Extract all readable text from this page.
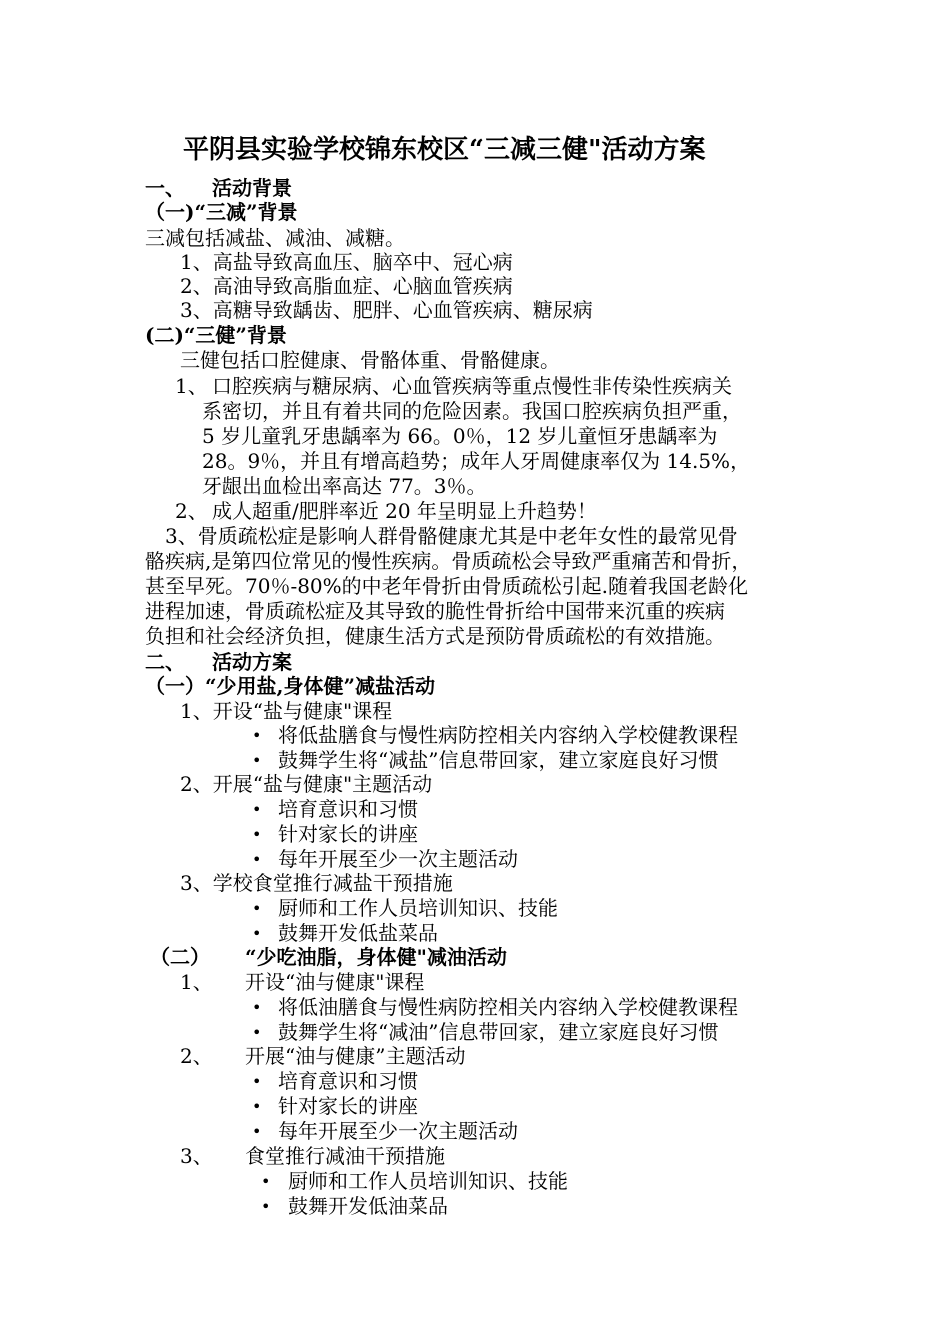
平阴县实验学校锦东校区“三减三健"活动方案
一、 活动背景
（一)“三减”背景
三减包括减盐、减油、减糖。
1、高盐导致高血压、脑卒中、冠心病
2、高油导致高脂血症、心脑血管疾病
3、高糖导致龋齿、肥胖、心血管疾病、糖尿病
(二)“三健”背景
三健包括口腔健康、骨骼体重、骨骼健康。
1、 口腔疾病与糖尿病、心血管疾病等重点慢性非传染性疾病关
系密切，并且有着共同的危险因素。我国口腔疾病负担严重，
5 岁儿童乳牙患龋率为 66。0％，12 岁儿童恒牙患龋率为
28。9％，并且有增高趋势；成年人牙周健康率仅为 14.5%，
牙龈出血检出率高达 77。3％。
2、 成人超重/肥胖率近 20 年呈明显上升趋势！
3、骨质疏松症是影响人群骨骼健康尤其是中老年女性的最常见骨
骼疾病,是第四位常见的慢性疾病。骨质疏松会导致严重痛苦和骨折，
甚至早死。70％-80%的中老年骨折由骨质疏松引起.随着我国老龄化
进程加速，骨质疏松症及其导致的脆性骨折给中国带来沉重的疾病
负担和社会经济负担，健康生活方式是预防骨质疏松的有效措施。
二、 活动方案
（一）“少用盐,身体健”减盐活动
1、开设“盐与健康"课程
• 将低盐膳食与慢性病防控相关内容纳入学校健教课程
• 鼓舞学生将“减盐”信息带回家，建立家庭良好习惯
2、开展“盐与健康"主题活动
• 培育意识和习惯
• 针对家长的讲座
• 每年开展至少一次主题活动
3、学校食堂推行减盐干预措施
• 厨师和工作人员培训知识、技能
• 鼓舞开发低盐菜品
（二） “少吃油脂，身体健"减油活动
1、 开设“油与健康"课程
• 将低油膳食与慢性病防控相关内容纳入学校健教课程
• 鼓舞学生将“减油”信息带回家，建立家庭良好习惯
2、 开展“油与健康”主题活动
• 培育意识和习惯
• 针对家长的讲座
• 每年开展至少一次主题活动
3、 食堂推行减油干预措施
• 厨师和工作人员培训知识、技能
• 鼓舞开发低油菜品
